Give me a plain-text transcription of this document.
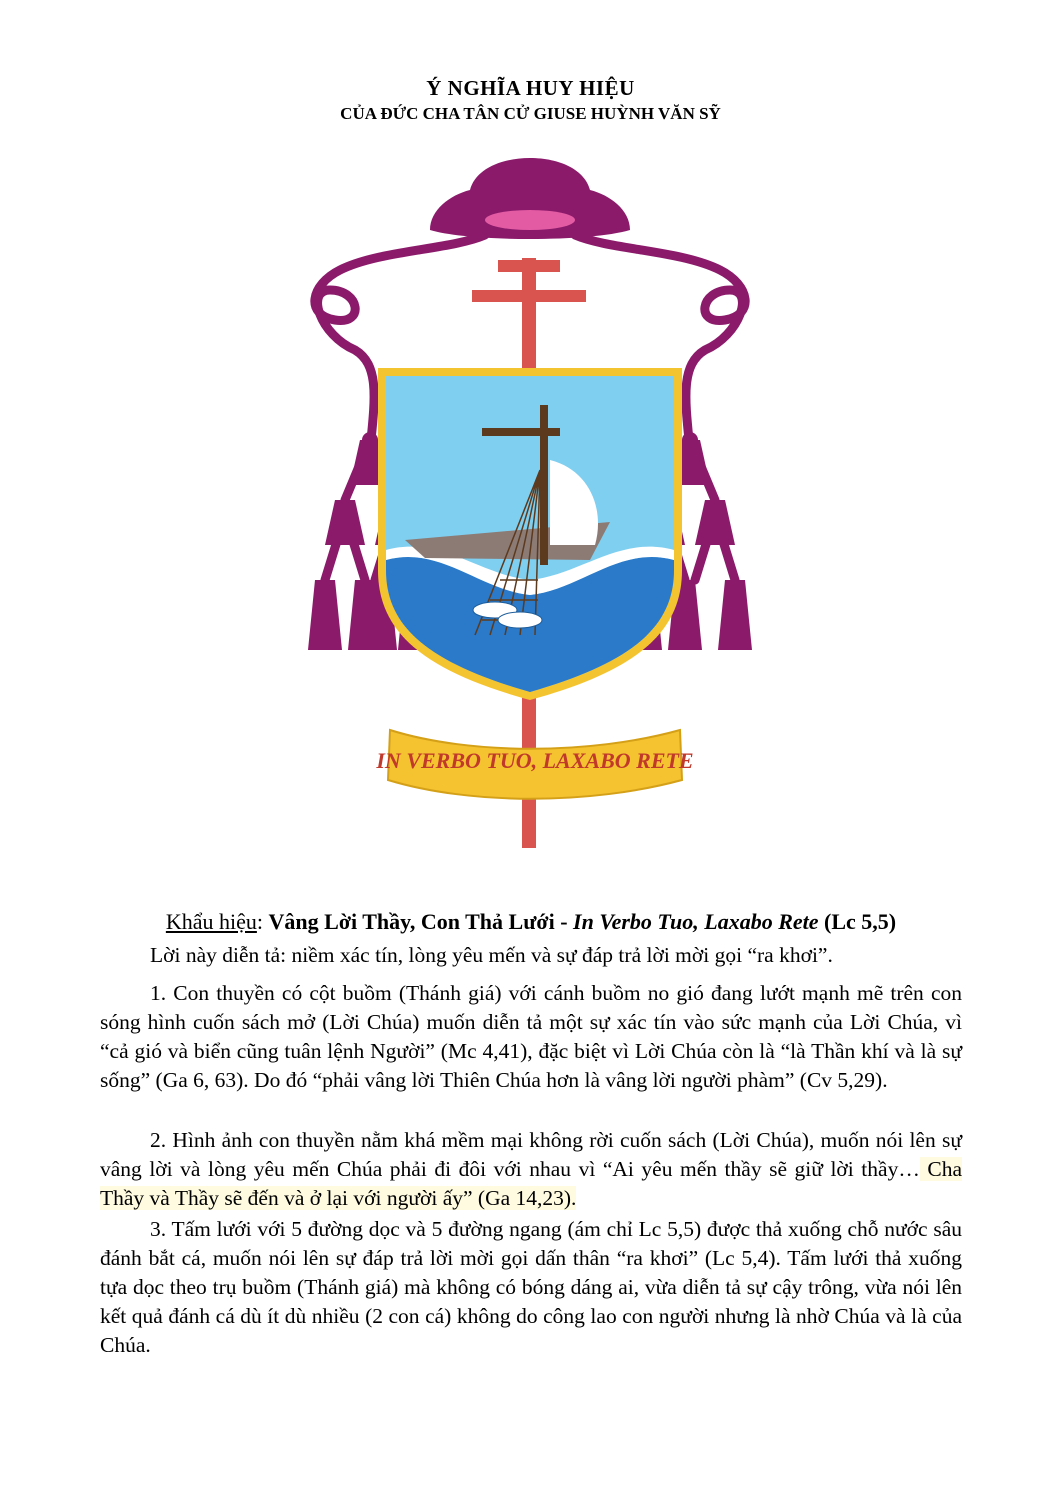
Ý NGHĨA HUY HIỆU
CỦA ĐỨC CHA TÂN CỬ GIUSE HUỲNH VĂN SỸ
IN VERBO TUO, LAXABO RETE
Khẩu hiệu: Vâng Lời Thầy, Con Thả Lưới - In Verbo Tuo, Laxabo Rete (Lc 5,5)

Lời này diễn tả: niềm xác tín, lòng yêu mến và sự đáp trả lời mời gọi “ra khơi”.

1. Con thuyền có cột buồm (Thánh giá) với cánh buồm no gió đang lướt mạnh mẽ trên con sóng hình cuốn sách mở (Lời Chúa) muốn diễn tả một sự xác tín vào sức mạnh của Lời Chúa, vì “cả gió và biển cũng tuân lệnh Người” (Mc 4,41), đặc biệt vì Lời Chúa còn là “là Thần khí và là sự sống” (Ga 6, 63). Do đó “phải vâng lời Thiên Chúa hơn là vâng lời người phàm” (Cv 5,29).

2. Hình ảnh con thuyền nằm khá mềm mại không rời cuốn sách (Lời Chúa), muốn nói lên sự vâng lời và lòng yêu mến Chúa phải đi đôi với nhau vì “Ai yêu mến thầy sẽ giữ lời thầy… Cha Thầy và Thầy sẽ đến và ở lại với người ấy” (Ga 14,23).

3. Tấm lưới với 5 đường dọc và 5 đường ngang (ám chỉ Lc 5,5) được thả xuống chỗ nước sâu đánh bắt cá, muốn nói lên sự đáp trả lời mời gọi dấn thân “ra khơi” (Lc 5,4). Tấm lưới thả xuống tựa dọc theo trụ buồm (Thánh giá) mà không có bóng dáng ai, vừa diễn tả sự cậy trông, vừa nói lên kết quả đánh cá dù ít dù nhiều (2 con cá) không do công lao con người nhưng là nhờ Chúa và là của Chúa.
